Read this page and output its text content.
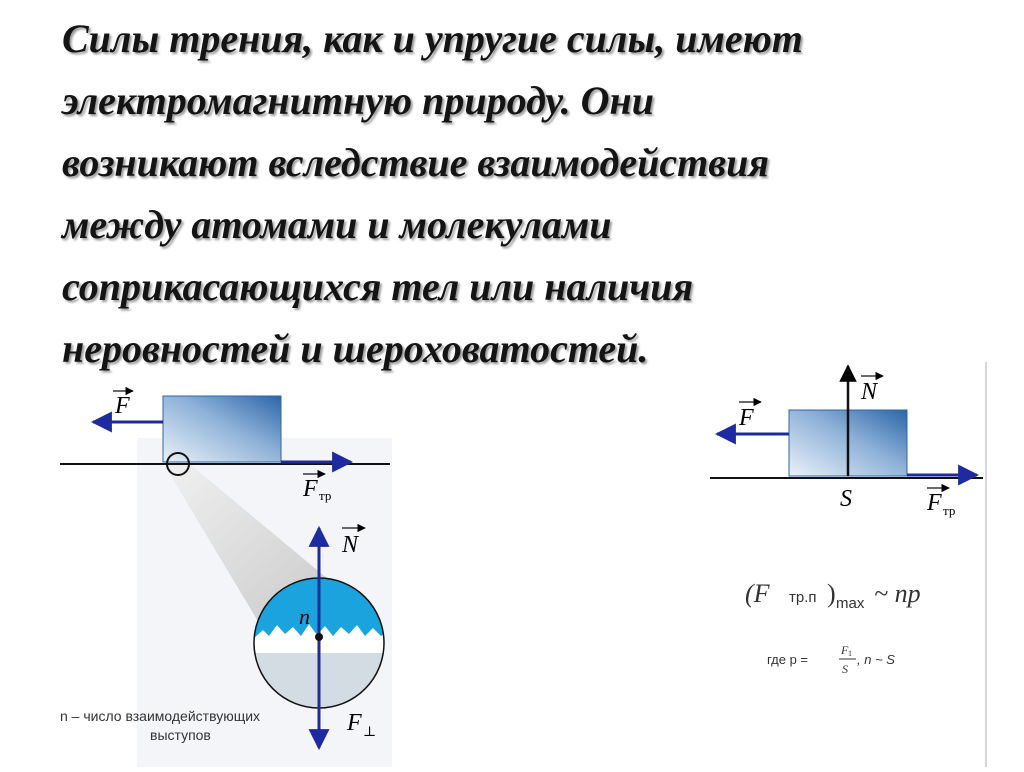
Силы трения, как и упругие силы, имеют
электромагнитную природу. Они
возникают вследствие взаимодействия
между атомами и молекулами
соприкасающихся тел или наличия
неровностей и шероховатостей.
F
F тр
N
n
F ⊥
n – число взаимодействующих
выступов
F
N
S	F тр
(F тр.п ) max ~ np
где p =
F 1
S
, n ~ S
